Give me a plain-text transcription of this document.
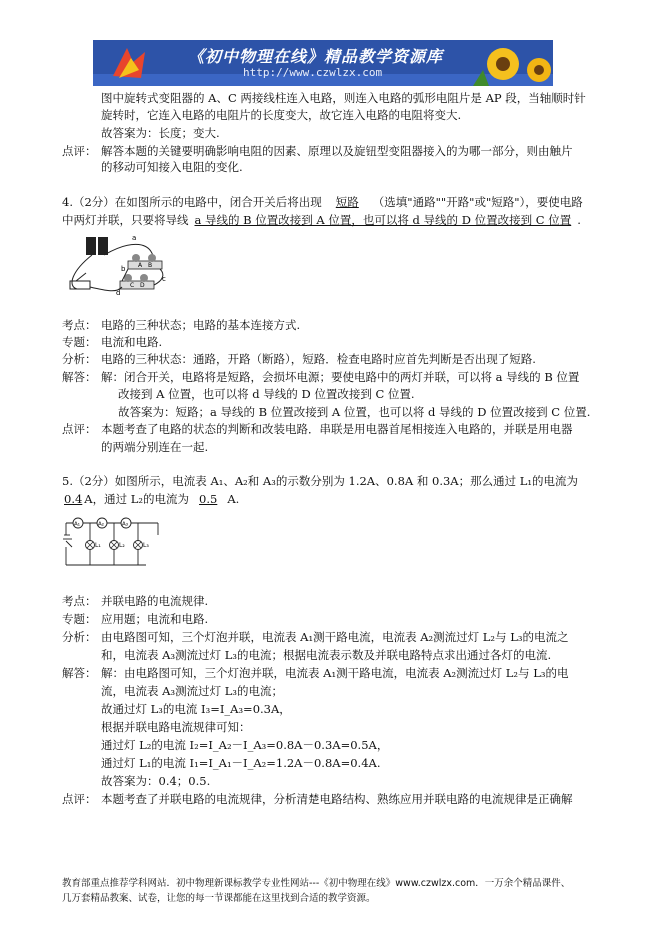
《初中物理在线》精品教学资源库
http://www.czwlzx.com
图中旋转式变阻器的 A、C 两接线柱连入电路，则连入电路的弧形电阻片是 AP 段，当轴顺时针
旋转时，它连入电路的电阻片的长度变大，故它连入电路的电阻将变大.
故答案为：长度；变大.
点评： 解答本题的关键要明确影响电阻的因素、原理以及旋钮型变阻器接入的为哪一部分，则由触片
的移动可知接入电阻的变化.
4.（2分）在如图所示的电路中，闭合开关后将出现 短路 （选填"通路""开路"或"短路"），要使电路
中两灯并联，只要将导线 a 导线的 B 位置改接到 A 位置，也可以将 d 导线的 D 位置改接到 C 位置 .
a
b
c
d
A B
C D
考点： 电路的三种状态；电路的基本连接方式.
专题： 电流和电路.
分析： 电路的三种状态：通路，开路（断路），短路．检查电路时应首先判断是否出现了短路.
解答： 解：闭合开关，电路将是短路，会损坏电源；要使电路中的两灯并联，可以将 a 导线的 B 位置
改接到 A 位置，也可以将 d 导线的 D 位置改接到 C 位置.
故答案为：短路；a 导线的 B 位置改接到 A 位置，也可以将 d 导线的 D 位置改接到 C 位置.
点评： 本题考查了电路的状态的判断和改装电路．串联是用电器首尾相接连入电路的，并联是用电器
的两端分别连在一起.
5.（2分）如图所示，电流表 A₁、A₂和 A₃的示数分别为 1.2A、0.8A 和 0.3A；那么通过 L₁的电流为
0.4 A，通过 L₂的电流为 0.5 A.
A₁	A₂	A₃
L₁	L₂	L₃
考点： 并联电路的电流规律.
专题： 应用题；电流和电路.
分析： 由电路图可知，三个灯泡并联，电流表 A₁测干路电流，电流表 A₂测流过灯 L₂与 L₃的电流之
和，电流表 A₃测流过灯 L₃的电流；根据电流表示数及并联电路特点求出通过各灯的电流.
解答： 解：由电路图可知，三个灯泡并联，电流表 A₁测干路电流，电流表 A₂测流过灯 L₂与 L₃的电
流，电流表 A₃测流过灯 L₃的电流；
故通过灯 L₃的电流 I₃=I_A₃=0.3A，
根据并联电路电流规律可知：
通过灯 L₂的电流 I₂=I_A₂－I_A₃=0.8A－0.3A=0.5A，
通过灯 L₁的电流 I₁=I_A₁－I_A₂=1.2A－0.8A=0.4A.
故答案为：0.4；0.5.
点评： 本题考查了并联电路的电流规律，分析清楚电路结构、熟练应用并联电路的电流规律是正确解
教育部重点推荐学科网站．初中物理新课标教学专业性网站---《初中物理在线》www.czwlzx.com．一万余个精品课件、
几万套精品教案、试卷，让您的每一节课都能在这里找到合适的教学资源。
